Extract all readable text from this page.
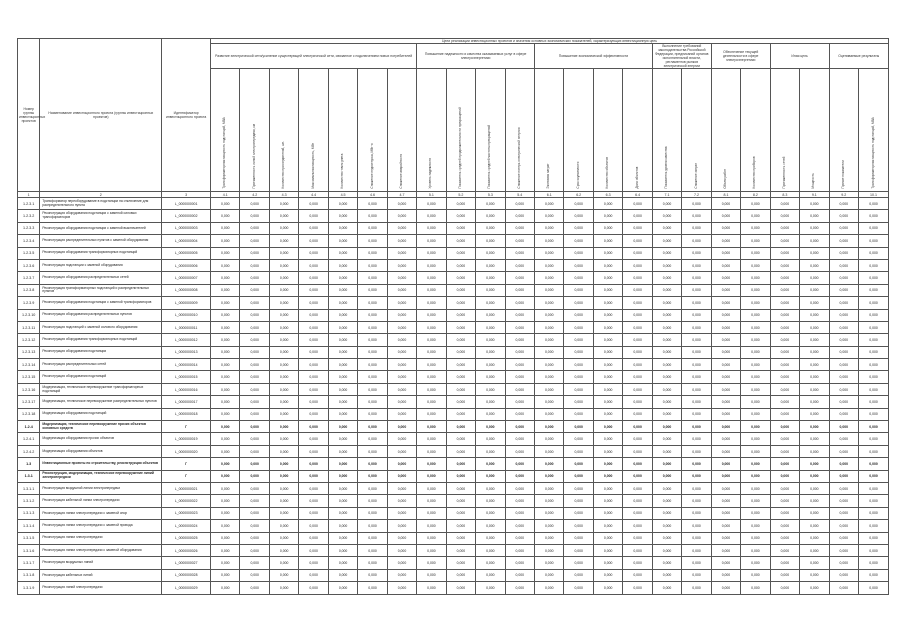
Номер группы инвестиционных проектов	Наименование инвестиционного проекта (группы инвестиционных проектов)	Идентификатор инвестиционного проекта	Цели реализации инвестиционных проектов и значения основных экономических показателей, характеризующих инвестиционную цель																						
			Развитие электрической сети/усиление существующей электрической сети, связанное с подключением новых потребителей							Повышение надежности и качества оказываемых услуг в сфере электроэнергетики				Повышение экономической эффективности				Выполнение требований законодательства Российской Федерации, предписаний органов исполнительной власти, регламентов рынков электрической энергии		Обеспечение текущей деятельности в сфере электроэнергетики		Иная цель		Оцениваемые результаты	

			Трансформаторная мощность подстанций, МВА	Протяженность линий электропередачи, км	Количество присоединений, шт.	Максимальная мощность, МВт	Количество точек учета	Снижение недоотпуска, МВт·ч	Снижение аварийности	Уровень надежности	Показатель средней продолжительности прекращений	Показатель средней частоты прекращений	Снижение потерь электрической энергии	Экономия затрат	Срок окупаемости	Количество объектов	Доля объектов	Показатель уровня качества	Снижение затрат	Объем работ	Количество приборов	Протяженность сетей	Мощность	Прочие показатели	Трансформаторная мощность подстанций, МВА

1	2	3	4.1	4.2	4.3	4.4	4.5	4.6	4.7	5.1	5.2	5.3	5.4	6.1	6.2	6.3	6.4	7.1	7.2	8.1	8.2	8.3	9.1	9.2	10.1
1.2.3.1	Трансформатор переоборудование в подстанции на отключение для распределительного пункта	L_0000000001	0,000	0,000	0,000	0,000	0,000	0,000	0,000	0,000	0,000	0,000	0,000	0,000	0,000	0,000	0,000	0,000	0,000	0,000	0,000	0,000	0,000	0,000	0,000
1.2.3.2	Реконструкция оборудования подстанции с заменой силовых трансформаторов	L_0000000002	0,000	0,000	0,000	0,000	0,000	0,000	0,000	0,000	0,000	0,000	0,000	0,000	0,000	0,000	0,000	0,000	0,000	0,000	0,000	0,000	0,000	0,000	0,000
1.2.3.3	Реконструкция оборудования подстанции с заменой выключателей	L_0000000003	0,000	0,000	0,000	0,000	0,000	0,000	0,000	0,000	0,000	0,000	0,000	0,000	0,000	0,000	0,000	0,000	0,000	0,000	0,000	0,000	0,000	0,000	0,000
1.2.3.4	Реконструкция распределительных пунктов с заменой оборудования	L_0000000004	0,000	0,000	0,000	0,000	0,000	0,000	0,000	0,000	0,000	0,000	0,000	0,000	0,000	0,000	0,000	0,000	0,000	0,000	0,000	0,000	0,000	0,000	0,000
1.2.3.5	Реконструкция оборудования трансформаторных подстанций	L_0000000005	0,000	0,000	0,000	0,000	0,000	0,000	0,000	0,000	0,000	0,000	0,000	0,000	0,000	0,000	0,000	0,000	0,000	0,000	0,000	0,000	0,000	0,000	0,000
1.2.3.6	Реконструкция подстанции с заменой оборудования	L_0000000006	0,000	0,000	0,000	0,000	0,000	0,000	0,000	0,000	0,000	0,000	0,000	0,000	0,000	0,000	0,000	0,000	0,000	0,000	0,000	0,000	0,000	0,000	0,000
1.2.3.7	Реконструкция оборудования распределительных сетей	L_0000000007	0,000	0,000	0,000	0,000	0,000	0,000	0,000	0,000	0,000	0,000	0,000	0,000	0,000	0,000	0,000	0,000	0,000	0,000	0,000	0,000	0,000	0,000	0,000
1.2.3.8	Реконструкция трансформаторных подстанций и распределительных пунктов	L_0000000008	0,000	0,000	0,000	0,000	0,000	0,000	0,000	0,000	0,000	0,000	0,000	0,000	0,000	0,000	0,000	0,000	0,000	0,000	0,000	0,000	0,000	0,000	0,000
1.2.3.9	Реконструкция оборудования подстанции с заменой трансформаторов	L_0000000009	0,000	0,000	0,000	0,000	0,000	0,000	0,000	0,000	0,000	0,000	0,000	0,000	0,000	0,000	0,000	0,000	0,000	0,000	0,000	0,000	0,000	0,000	0,000
1.2.3.10	Реконструкция оборудования распределительных пунктов	L_0000000010	0,000	0,000	0,000	0,000	0,000	0,000	0,000	0,000	0,000	0,000	0,000	0,000	0,000	0,000	0,000	0,000	0,000	0,000	0,000	0,000	0,000	0,000	0,000
1.2.3.11	Реконструкция подстанций с заменой силового оборудования	L_0000000011	0,000	0,000	0,000	0,000	0,000	0,000	0,000	0,000	0,000	0,000	0,000	0,000	0,000	0,000	0,000	0,000	0,000	0,000	0,000	0,000	0,000	0,000	0,000
1.2.3.12	Реконструкция оборудования трансформаторных подстанций	L_0000000012	0,000	0,000	0,000	0,000	0,000	0,000	0,000	0,000	0,000	0,000	0,000	0,000	0,000	0,000	0,000	0,000	0,000	0,000	0,000	0,000	0,000	0,000	0,000
1.2.3.13	Реконструкция оборудования подстанции	L_0000000013	0,000	0,000	0,000	0,000	0,000	0,000	0,000	0,000	0,000	0,000	0,000	0,000	0,000	0,000	0,000	0,000	0,000	0,000	0,000	0,000	0,000	0,000	0,000
1.2.3.14	Реконструкция распределительных сетей	L_0000000014	0,000	0,000	0,000	0,000	0,000	0,000	0,000	0,000	0,000	0,000	0,000	0,000	0,000	0,000	0,000	0,000	0,000	0,000	0,000	0,000	0,000	0,000	0,000
1.2.3.15	Реконструкция оборудования подстанций	L_0000000015	0,000	0,000	0,000	0,000	0,000	0,000	0,000	0,000	0,000	0,000	0,000	0,000	0,000	0,000	0,000	0,000	0,000	0,000	0,000	0,000	0,000	0,000	0,000
1.2.3.16	Модернизация, техническое перевооружение трансформаторных подстанций	L_0000000016	0,000	0,000	0,000	0,000	0,000	0,000	0,000	0,000	0,000	0,000	0,000	0,000	0,000	0,000	0,000	0,000	0,000	0,000	0,000	0,000	0,000	0,000	0,000
1.2.3.17	Модернизация, техническое перевооружение распределительных пунктов	L_0000000017	0,000	0,000	0,000	0,000	0,000	0,000	0,000	0,000	0,000	0,000	0,000	0,000	0,000	0,000	0,000	0,000	0,000	0,000	0,000	0,000	0,000	0,000	0,000
1.2.3.18	Модернизация оборудования подстанций	L_0000000018	0,000	0,000	0,000	0,000	0,000	0,000	0,000	0,000	0,000	0,000	0,000	0,000	0,000	0,000	0,000	0,000	0,000	0,000	0,000	0,000	0,000	0,000	0,000
1.2.4	Модернизация, техническое перевооружение прочих объектов основных средств	Г	0,000	0,000	0,000	0,000	0,000	0,000	0,000	0,000	0,000	0,000	0,000	0,000	0,000	0,000	0,000	0,000	0,000	0,000	0,000	0,000	0,000	0,000	0,000
1.2.4.1	Модернизация оборудования прочих объектов	L_0000000019	0,000	0,000	0,000	0,000	0,000	0,000	0,000	0,000	0,000	0,000	0,000	0,000	0,000	0,000	0,000	0,000	0,000	0,000	0,000	0,000	0,000	0,000	0,000
1.2.4.2	Модернизация оборудования объектов	L_0000000020	0,000	0,000	0,000	0,000	0,000	0,000	0,000	0,000	0,000	0,000	0,000	0,000	0,000	0,000	0,000	0,000	0,000	0,000	0,000	0,000	0,000	0,000	0,000
1.3	Инвестиционные проекты по строительству, реконструкции объектов	Г	0,000	0,000	0,000	0,000	0,000	0,000	0,000	0,000	0,000	0,000	0,000	0,000	0,000	0,000	0,000	0,000	0,000	0,000	0,000	0,000	0,000	0,000	0,000
1.3.1	Реконструкция, модернизация, техническое перевооружение линий электропередачи	Г	0,000	0,000	0,000	0,000	0,000	0,000	0,000	0,000	0,000	0,000	0,000	0,000	0,000	0,000	0,000	0,000	0,000	0,000	0,000	0,000	0,000	0,000	0,000
1.3.1.1	Реконструкция воздушной линии электропередачи	L_0000000021	0,000	0,000	0,000	0,000	0,000	0,000	0,000	0,000	0,000	0,000	0,000	0,000	0,000	0,000	0,000	0,000	0,000	0,000	0,000	0,000	0,000	0,000	0,000
1.3.1.2	Реконструкция кабельной линии электропередачи	L_0000000022	0,000	0,000	0,000	0,000	0,000	0,000	0,000	0,000	0,000	0,000	0,000	0,000	0,000	0,000	0,000	0,000	0,000	0,000	0,000	0,000	0,000	0,000	0,000
1.3.1.3	Реконструкция линии электропередачи с заменой опор	L_0000000023	0,000	0,000	0,000	0,000	0,000	0,000	0,000	0,000	0,000	0,000	0,000	0,000	0,000	0,000	0,000	0,000	0,000	0,000	0,000	0,000	0,000	0,000	0,000
1.3.1.4	Реконструкция линии электропередачи с заменой провода	L_0000000024	0,000	0,000	0,000	0,000	0,000	0,000	0,000	0,000	0,000	0,000	0,000	0,000	0,000	0,000	0,000	0,000	0,000	0,000	0,000	0,000	0,000	0,000	0,000
1.3.1.5	Реконструкция линии электропередачи	L_0000000025	0,000	0,000	0,000	0,000	0,000	0,000	0,000	0,000	0,000	0,000	0,000	0,000	0,000	0,000	0,000	0,000	0,000	0,000	0,000	0,000	0,000	0,000	0,000
1.3.1.6	Реконструкция линии электропередачи с заменой оборудования	L_0000000026	0,000	0,000	0,000	0,000	0,000	0,000	0,000	0,000	0,000	0,000	0,000	0,000	0,000	0,000	0,000	0,000	0,000	0,000	0,000	0,000	0,000	0,000	0,000
1.3.1.7	Реконструкция воздушных линий	L_0000000027	0,000	0,000	0,000	0,000	0,000	0,000	0,000	0,000	0,000	0,000	0,000	0,000	0,000	0,000	0,000	0,000	0,000	0,000	0,000	0,000	0,000	0,000	0,000
1.3.1.8	Реконструкция кабельных линий	L_0000000028	0,000	0,000	0,000	0,000	0,000	0,000	0,000	0,000	0,000	0,000	0,000	0,000	0,000	0,000	0,000	0,000	0,000	0,000	0,000	0,000	0,000	0,000	0,000
1.3.1.9	Реконструкция линий электропередачи	L_0000000029	0,000	0,000	0,000	0,000	0,000	0,000	0,000	0,000	0,000	0,000	0,000	0,000	0,000	0,000	0,000	0,000	0,000	0,000	0,000	0,000	0,000	0,000	0,000
